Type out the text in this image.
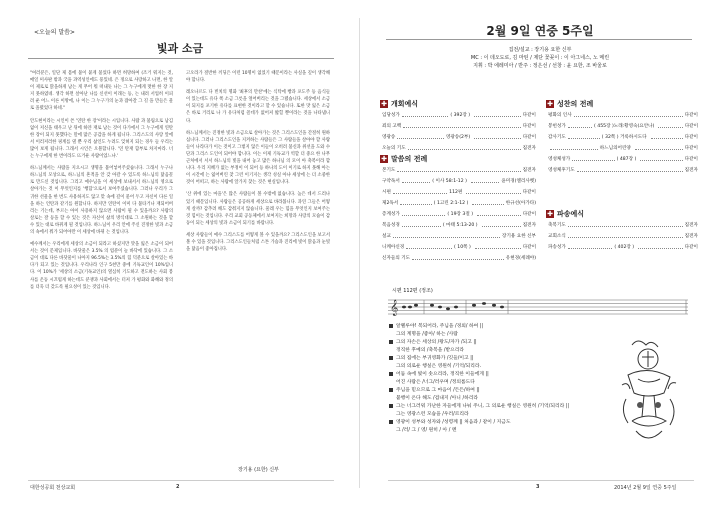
<오늘의 말씀>
빛과 소금

"여러분은, 일단 제 몸에 불이 붙게 불었다 하면 허망하여 (조거 워지는 것, 매일 미사판 밖과 국을 과역성인에도 뭉있네. 은 정으로 사랑하고 나면, 한 알이 제로로 맑을하게 남는 게 무어 뭐 떠내듯 나는 그 누구에게 멋한 한 장 지지 못하였네. 생각 하면 살아난 나를 신선이 이래는 등, 는 내려 서업히 이피려 운 어느 이른 이방에, 나 이는 그 누구가의 눈과 잡아갈 그 길 을 만들은 물로 올렸었다 하네."

안도현이라는 시인이 쓴 '연탄 한 장'이라는 시입니다. 사람 과 불림으로 남김없이 저신을 태우고 난 뒤에 하얀 재로 남는 것이 다가에서 그 누구에게 연탄 한 장이 되지 못했다는 말에 많은 공감을 하게 됩니다. 그리스도의 사랑 앞에서 이러저러한 핑계를 댈 뿐 우리 삶인도 누려도 잊혀지 되는 경우 들 우리는 많이 보게 됩니다. 그래서 시인은 오블합니다. '연 탄재 함부로 차지마라. 너는 누구에게 한 번이라도 뜨거운 사람이었느냐.'

하느님께서는 사람을 지으시고 생명을 불어넣어주셨습니다. 그래서 누구나 하느님의 모상으로, 하느님의 흔적을 안 갖 아갈 수 있도록 하느님의 닮음꼴로 만드신 것입니다. 그리고 예수님을 이 세상에 보내서서 하느님의 영으로 살아가는 것 이 무엇인지를 '행함'으로서 보여주셨습니다. 그러나 우리가 그 귀한 선물을 한 번도 사용하지도 않고 맞 속에 깊이 묻어 두고 자신이 다른 일을 하는 언탄과 같기를 원합니다. 하지만 연탄이 이미 다 불타거나 재되어버리는 기는데, 부르는 아이 사용하지 않으면 사람이 될 수 있을까요? 사람의 살로는 잘 등을 할 수 있는 것은 자신이 삶의 방식대로 그 소원하는 것을 할 수 있는 대로 바뀌게 될 것입니다. 하느님이 우리 안에 주신 진정한 빛과 소금의 속에서 뭐가 되어야만 이 세상에 바뀌 는 것입니다.

예수께서는 우리에게 세상의 소금이 되라고 하셨지만 맛을 잃은 소금이 되어서는 것이 문제입니다. 바닷물은 3.5% 의 염분이 늘 바닥에 있습니다. 그 소금이 대로 다른 바닷물이 나아지 96.5%는 3.5%의 힘 덕분으로 살아있는 바다가 되고 있는 것입니다. 우리나라 인구 5천만 중에 기독교인이 10%입니다. 이 10%가 '세상의 소금(기독교인)의 열심히 기도하고 전도하는 사회 봉사를 온동 시끄럽게 하는데도 분쟁과 사회에서는 터져 가 평화와 화해와 정의를 더욱 더 갖도록 필요성이 있는 것입니다.

고오라가 절반한 끼딩은 이런 10명이 없었기 때문이라는 사실을 깊이 생각해야 합니다.

레오나르도 다 빈치의 명화 '최후의 만찬'에는 식탁에 빵과 포도주 등 음식들이 있는데도 유다 쪽 소금 그릇을 엎어버리는 것을 그렸습니다. 세상에서 소금이 되지를 포기한 유다를 표현한 것이라고 할 수 있습니다. 또한 맛 잃은 소금은 바로 거리로 나 가 유다처럼 쓸데가 없어져 밟힐 뿐이라는 것을 나타냅니다.

하느님께서는 진정한 빛과 소금으로 살아가는 것은 그리스도인을 간절히 원하십니다. 그러나 그리스도인을 지켜하는 사람들은 그 사람들을 살아야 할 사람들이 나라다가 이는 것이고 그렇지 않은 이들이 오히려 불신과 위선을 도와 수단과 그리스 도인이 되어야 합니다. 이는 이제 기독교가 역할 더 중요 한 나무 근처에서 서서 하느님의 빛을 내어 놓고 많은 하나님 의 모이 아 축복이라 합니다. 우리 지혜가 없는 부정이 이 되어 등 하나의 도이 이기로 하지 못해 아는 이 시간에 는 잃어버린 찾 그런 이기지는 생각 성실 아냐 세상에 는 더 소중한 것이 어떠고, 하는 사람에 앞가지 찾는 것은 현실입니다.

'산 위에 있는 마을'은 많은 사람들이 볼 수밖에 없습니다. 높은 데서 드러나 있기 때문입니다. 사람들은 공공하게 세상으로 바라봅니다. 과연 그들은 어떻게 살까? 감추려 해도 감춰지지 않습니다. 물레 우는 힘을 무엇인지 보여주는 것 힘이는 것입니다. 우리 교회 공동체에서 보여지는 희망과 사랑의 모습이 감동이 되는 세상의 빛과 소금이 되기를 바랍니다.

세상 사람들이 예수 그리스도를 어떻게 볼 수 있을까요? 그리스도인을 보고서 볼 수 있을 것입니다. 그리스도인들처럼 스톤 가슴과 진리에 빛이 맑음과 눈빛을 닮음이 좋아집니다.

장기용 (요한) 신부
대한성공회 천상교회	2
2월 9일 연중 5주일
집전/설교 : 장기용 요한 신부
MC : 이 데오도로, 김 마틴 / 제단 꽃꽂이 : 이 아그네스, 노 메린
지휘 : 박 에레미아 / 반주 : 정은선 / 선창 : 윤 요한, 조 바울로
✚ 개회예식
입당성가	( 392장 )	다같이
죄의 고백	다같이
영광송	영광송(2부)	다같이
오늘의 기도	집전자
✚ 말씀의 전례
본기도	집전자
구약독서	( 이사 58:1-12 )	윤미경(엘리사벳)
시편	112편	다같이
제2독서	( 1고린 2:1-12 )	한규선(아가타)
층계성가	( 19장 3절 )	다같이
복음성경	( 마태 5:13-20 )	집전자
설교	장기용 요한 신부
니케아신경	( 10쪽 )	다같이
신자들의 기도	유현경(세례야)
✚ 성찬의 전례
평화의 인사	다같이
봉헌성가	( 455장 )노래:황영숙(요안나)	다같이
감사기도	( 32쪽 ) 거룩하시도다	다같이
하느님의어린양	다같이
영성체성가	( 487장 )	다같이
영성체후기도	집전자
✚ 파송예식
축복기도	집전자
교회소식	집전자
파송성가	( 402장 )	다같이
시편 112편 (정조)
𝄞
알렐루야! 복되어라, 주님을 /경외/ 하여 ||
그의 계명을 /좋아/ 하는 /사람
그의 자손은 세상의 /왕도/자가 /되고 ||
정직한 후예의 /축복을 /받으리라
그의 집에는 부귀영화가 /깃들/이고 ||
그의 의로운 행실은 영원히 /기억/되리라.
어둠 속에 빛이 솟으리라, 정직한 이들에게 ||
어진 사람은 /너그/러우며 /정의롭도다
주님을 믿으므로 그 마음이 /든든/하여 ||
불행이 온다 해도 /겁내지 /아니 /하리라
그는 너그러워 가난한 자들에게 나눠 주니, 그 의로운 행실은 영원히 /기억/되리라 ||
그는 영광스런 모습을 /우러/르리라
영광이 성부와 성자와 /성령께 || 처음과 / 같이 / 지금도
그 /러/ 그 / 영/ 원히 / 아 / 멘
3	2014년 2월 9일 연중 5주일
